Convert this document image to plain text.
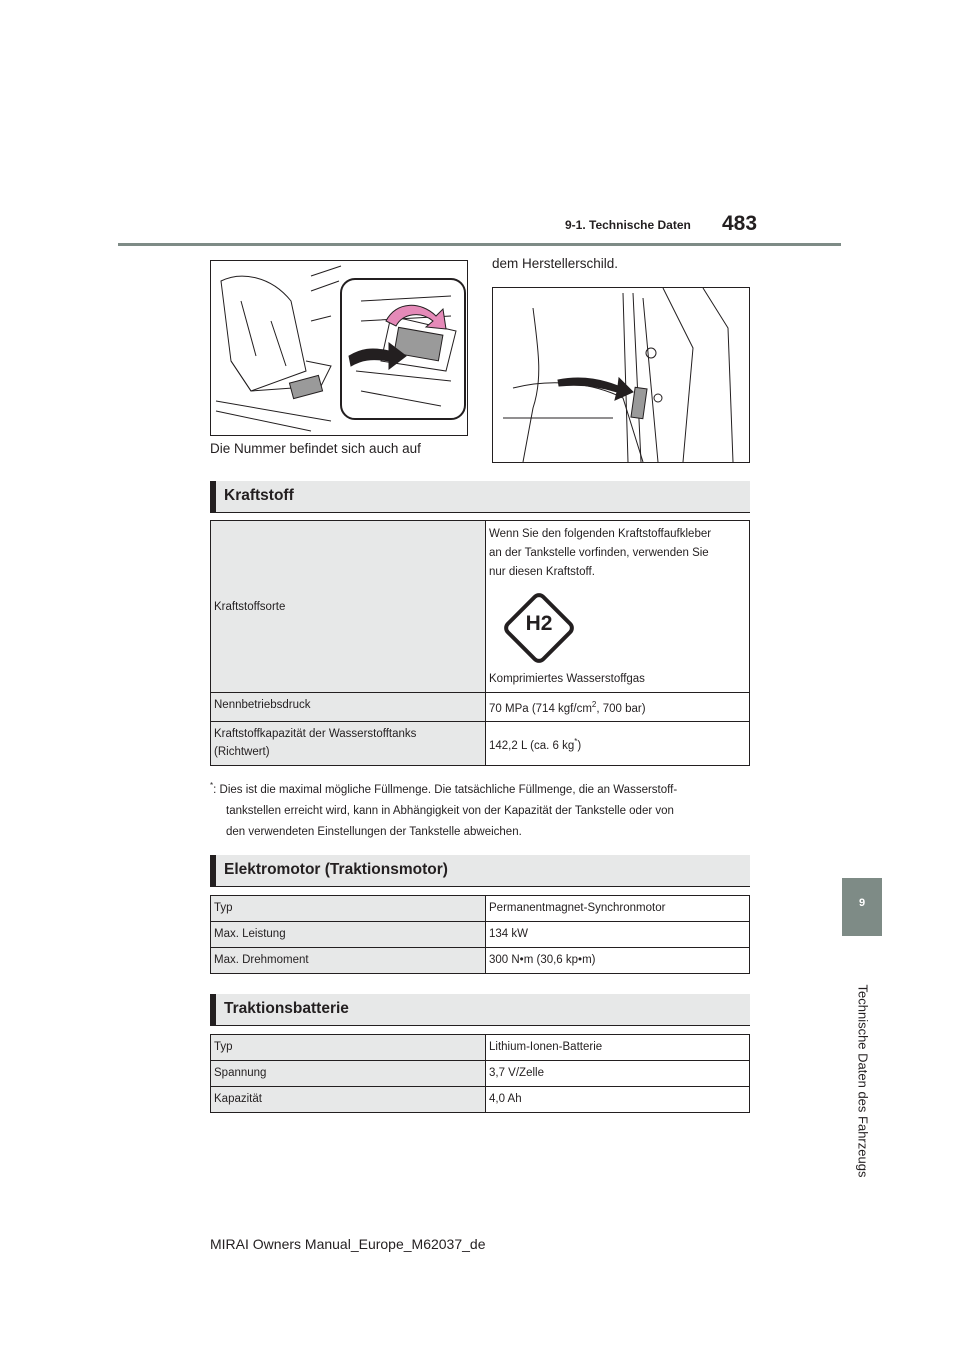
9-1. Technische Daten 483
Die Nummer befindet sich auch auf
dem Herstellerschild.
Kraftstoff
Kraftstoffsorte	Wenn Sie den folgenden Kraftstoffaufkleber
an der Tankstelle vorfinden, verwenden Sie
nur diesen Kraftstoff.
H2
Komprimiertes Wasserstoffgas

Nennbetriebsdruck	70 MPa (714 kgf/$cm^2$, 700 bar)

Kraftstoffkapazität der Wasserstofftanks
(Richtwert)	142,2 L (ca. 6 kg*)
*: Dies ist die maximal mögliche Füllmenge. Die tatsächliche Füllmenge, die an Wasserstoff-
tankstellen erreicht wird, kann in Abhängigkeit von der Kapazität der Tankstelle oder von
den verwendeten Einstellungen der Tankstelle abweichen.
Elektromotor (Traktionsmotor)
Typ	Permanentmagnet-Synchronmotor
Max. Leistung	134 kW
Max. Drehmoment	300 N•m (30,6 kp•m)
Traktionsbatterie
Typ	Lithium-Ionen-Batterie
Spannung	3,7 V/Zelle
Kapazität	4,0 Ah
9
Technische Daten des Fahrzeugs
MIRAI Owners Manual_Europe_M62037_de
